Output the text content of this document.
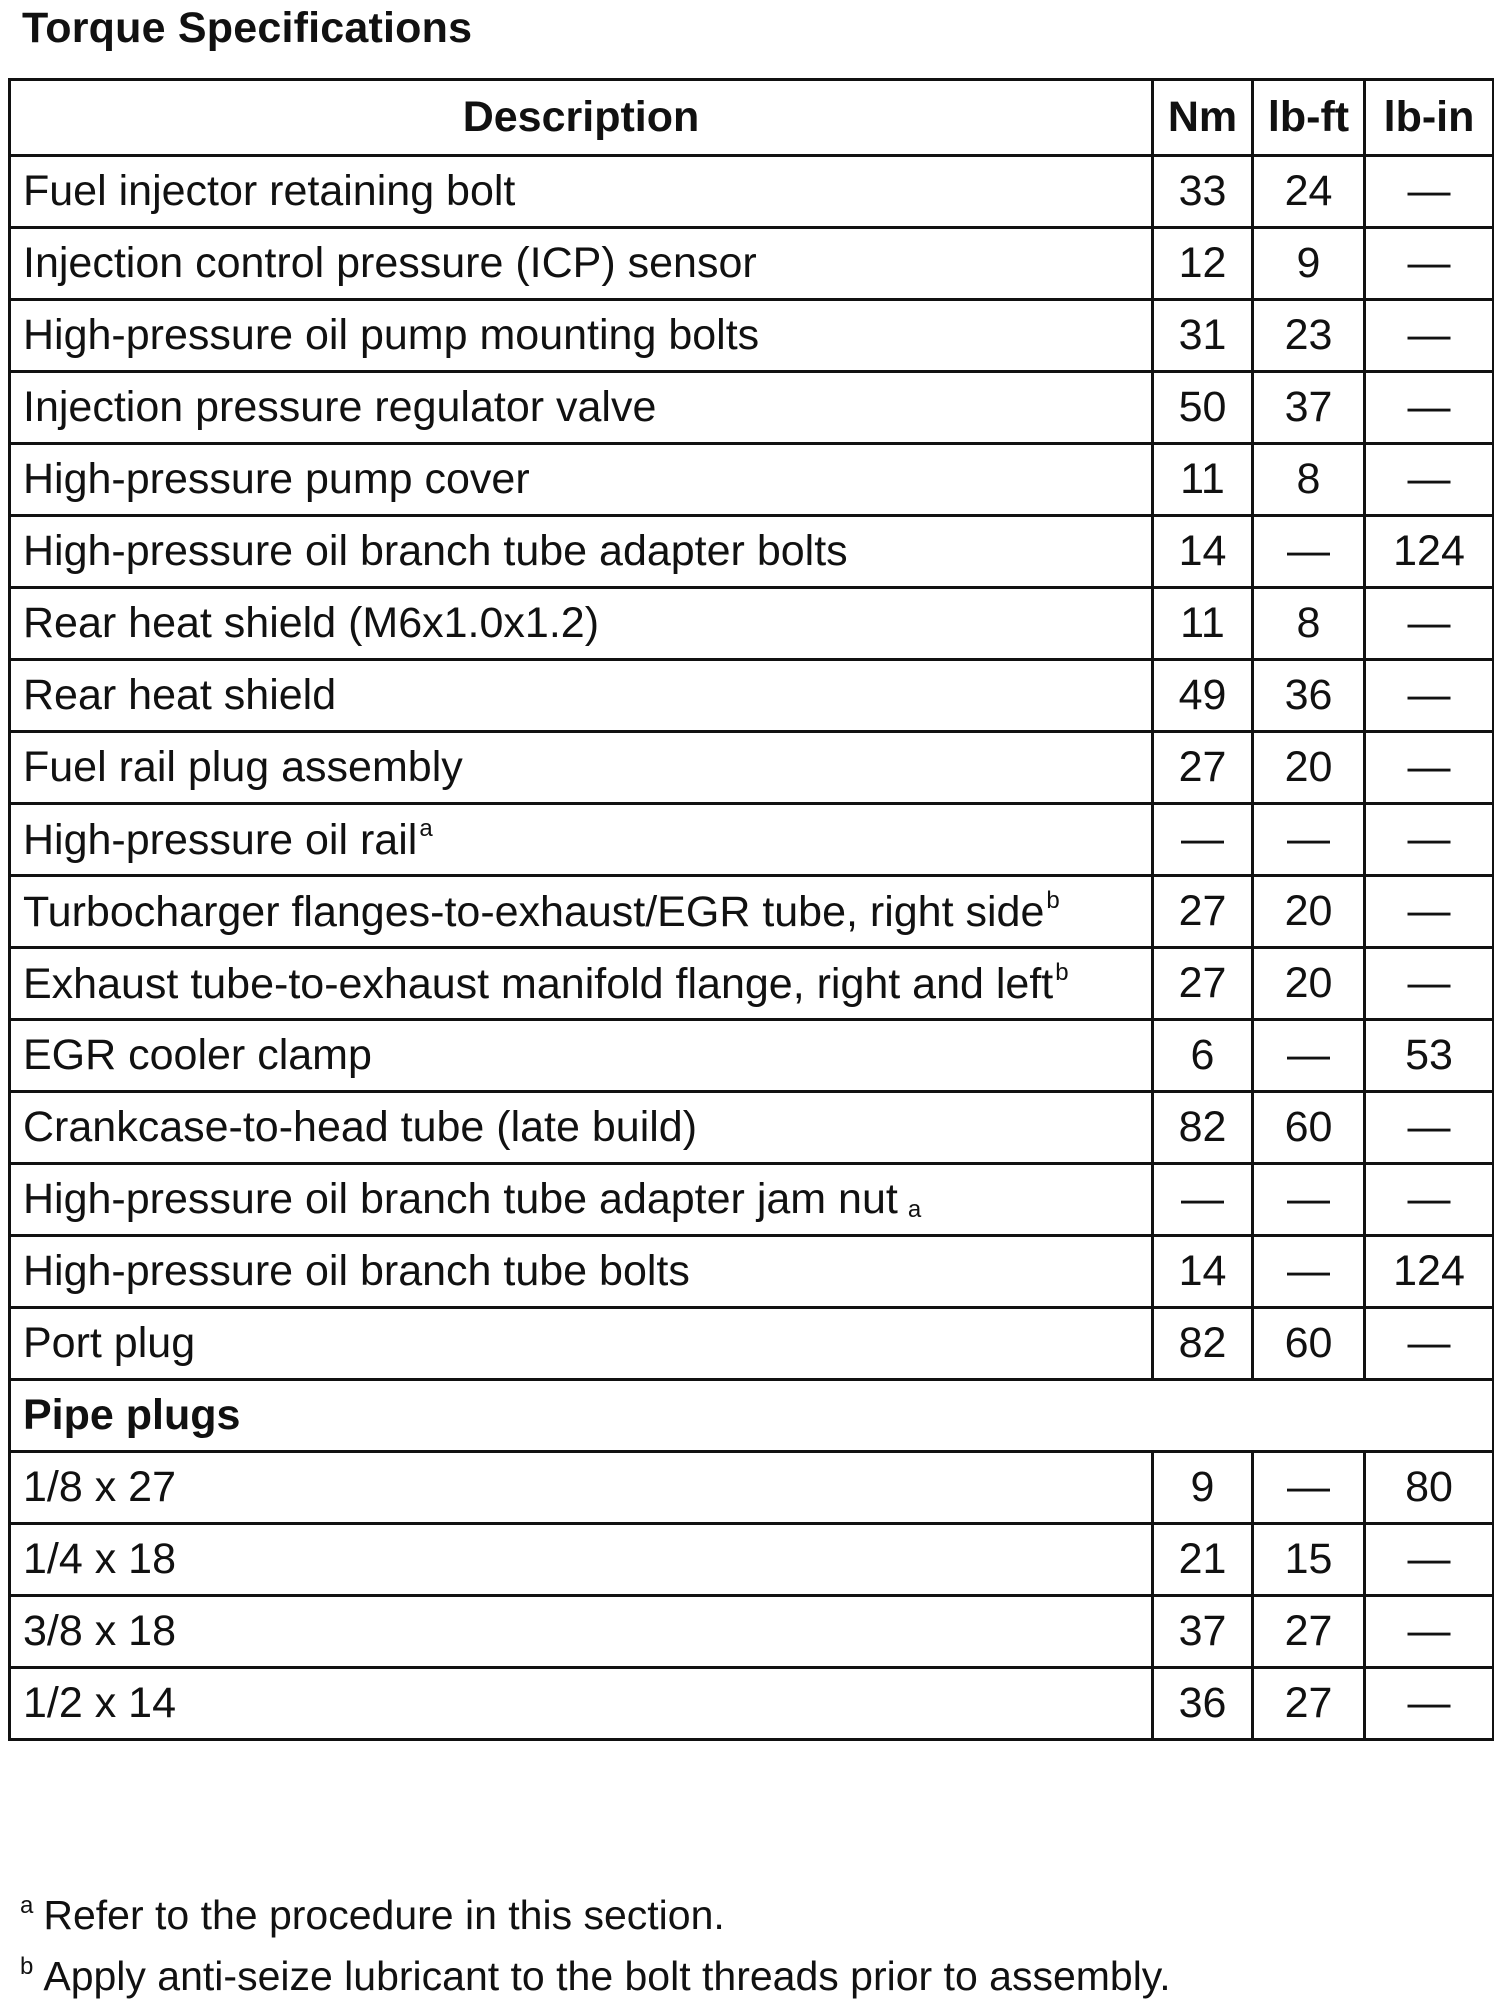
Torque Specifications
Description	Nm	lb-ft	lb-in
Fuel injector retaining bolt	33	24	—
Injection control pressure (ICP) sensor	12	9	—
High-pressure oil pump mounting bolts	31	23	—
Injection pressure regulator valve	50	37	—
High-pressure pump cover	11	8	—
High-pressure oil branch tube adapter bolts	14	—	124
Rear heat shield (M6x1.0x1.2)	11	8	—
Rear heat shield	49	36	—
Fuel rail plug assembly	27	20	—
High-pressure oil rail$^a$	—	—	—
Turbocharger flanges-to-exhaust/EGR tube, right side$^b$	27	20	—
Exhaust tube-to-exhaust manifold flange, right and left$^b$	27	20	—
EGR cooler clamp	6	—	53
Crankcase-to-head tube (late build)	82	60	—
High-pressure oil branch tube adapter jam nut $_a$	—	—	—
High-pressure oil branch tube bolts	14	—	124
Port plug	82	60	—
Pipe plugs			
1/8 x 27	9	—	80
1/4 x 18	21	15	—
3/8 x 18	37	27	—
1/2 x 14	36	27	—
$^a$ Refer to the procedure in this section.
$^b$ Apply anti-seize lubricant to the bolt threads prior to assembly.
